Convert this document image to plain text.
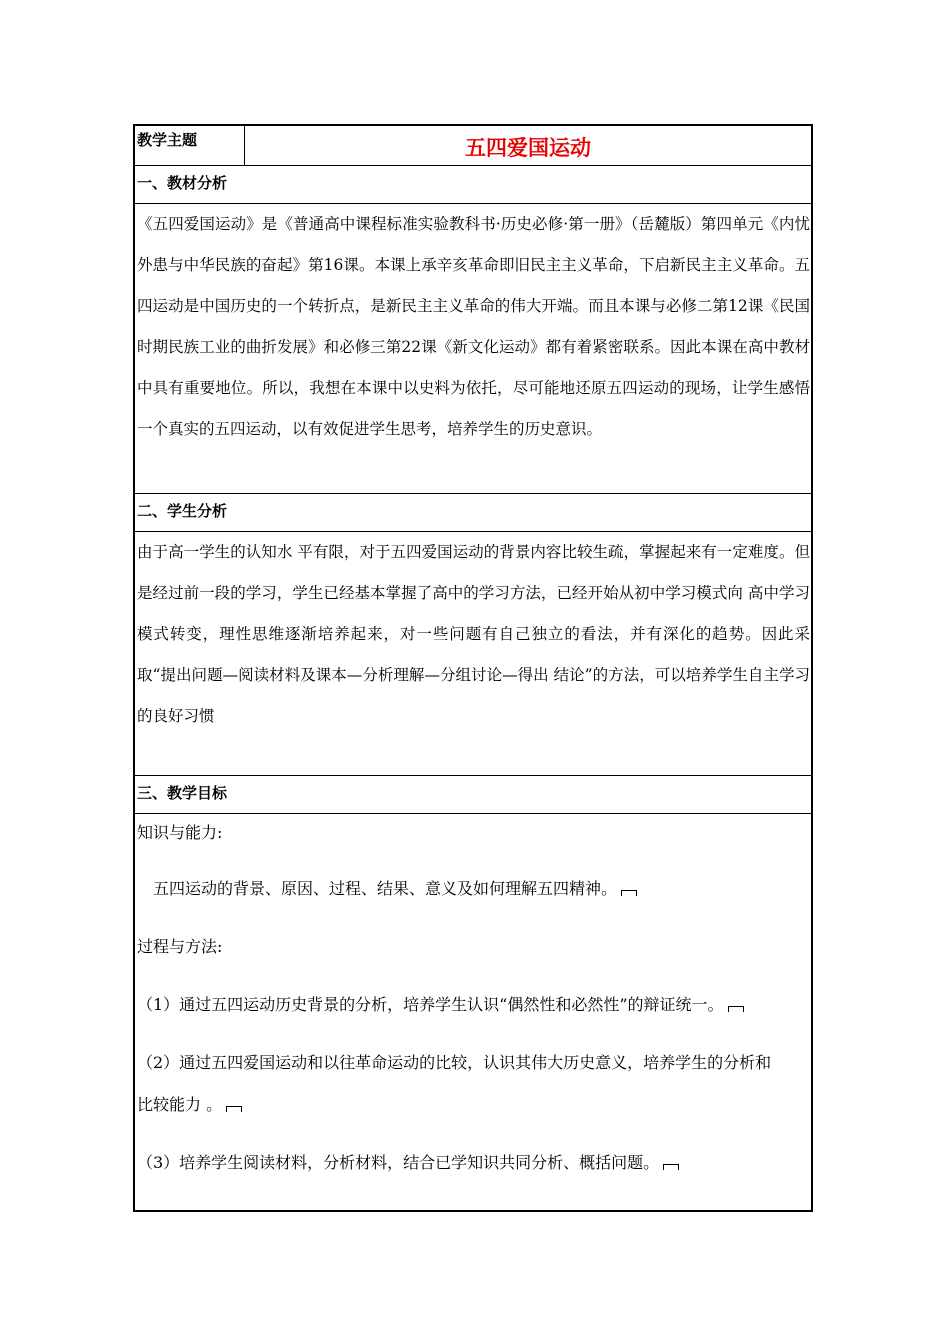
教学主题	五四爱国运动
一、教材分析
《五四爱国运动》是《普通高中课程标准实验教科书·历史必修·第一册》（岳麓版）第四单元《内忧外患与中华民族的奋起》第16课。本课上承辛亥革命即旧民主主义革命，下启新民主主义革命。五四运动是中国历史的一个转折点，是新民主主义革命的伟大开端。而且本课与必修二第12课《民国时期民族工业的曲折发展》和必修三第22课《新文化运动》都有着紧密联系。因此本课在高中教材中具有重要地位。所以，我想在本课中以史料为依托，尽可能地还原五四运动的现场，让学生感悟一个真实的五四运动，以有效促进学生思考，培养学生的历史意识。
二、学生分析
由于高一学生的认知水 平有限，对于五四爱国运动的背景内容比较生疏，掌握起来有一定难度。但是经过前一段的学习，学生已经基本掌握了高中的学习方法，已经开始从初中学习模式向 高中学习模式转变，理性思维逐渐培养起来，对一些问题有自己独立的看法，并有深化的趋势。因此采取“提出问题—阅读材料及课本—分析理解—分组讨论—得出 结论”的方法，可以培养学生自主学习的良好习惯
三、教学目标
知识与能力:
五四运动的背景、原因、过程、结果、意义及如何理解五四精神。
过程与方法:
（1）通过五四运动历史背景的分析，培养学生认识“偶然性和必然性”的辩证统一。
（2）通过五四爱国运动和以往革命运动的比较，认识其伟大历史意义，培养学生的分析和
比较能力 。
（3）培养学生阅读材料，分析材料，结合已学知识共同分析、概括问题。
